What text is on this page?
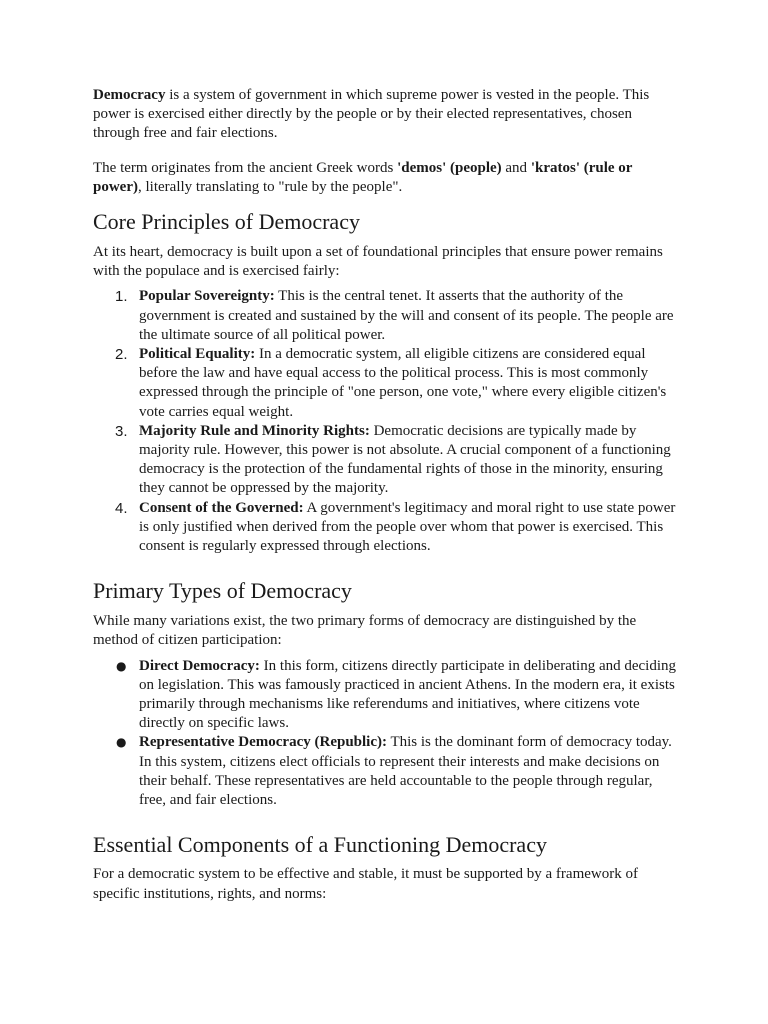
Democracy is a system of government in which supreme power is vested in the people. This power is exercised either directly by the people or by their elected representatives, chosen through free and fair elections.

The term originates from the ancient Greek words 'demos' (people) and 'kratos' (rule or power), literally translating to "rule by the people".

Core Principles of Democracy

At its heart, democracy is built upon a set of foundational principles that ensure power remains with the populace and is exercised fairly:

1. Popular Sovereignty: This is the central tenet. It asserts that the authority of the government is created and sustained by the will and consent of its people. The people are the ultimate source of all political power.
2. Political Equality: In a democratic system, all eligible citizens are considered equal before the law and have equal access to the political process. This is most commonly expressed through the principle of "one person, one vote," where every eligible citizen's vote carries equal weight.
3. Majority Rule and Minority Rights: Democratic decisions are typically made by majority rule. However, this power is not absolute. A crucial component of a functioning democracy is the protection of the fundamental rights of those in the minority, ensuring they cannot be oppressed by the majority.
4. Consent of the Governed: A government's legitimacy and moral right to use state power is only justified when derived from the people over whom that power is exercised. This consent is regularly expressed through elections.
Primary Types of Democracy

While many variations exist, the two primary forms of democracy are distinguished by the method of citizen participation:

● Direct Democracy: In this form, citizens directly participate in deliberating and deciding on legislation. This was famously practiced in ancient Athens. In the modern era, it exists primarily through mechanisms like referendums and initiatives, where citizens vote directly on specific laws.
● Representative Democracy (Republic): This is the dominant form of democracy today. In this system, citizens elect officials to represent their interests and make decisions on their behalf. These representatives are held accountable to the people through regular, free, and fair elections.
Essential Components of a Functioning Democracy

For a democratic system to be effective and stable, it must be supported by a framework of specific institutions, rights, and norms:
